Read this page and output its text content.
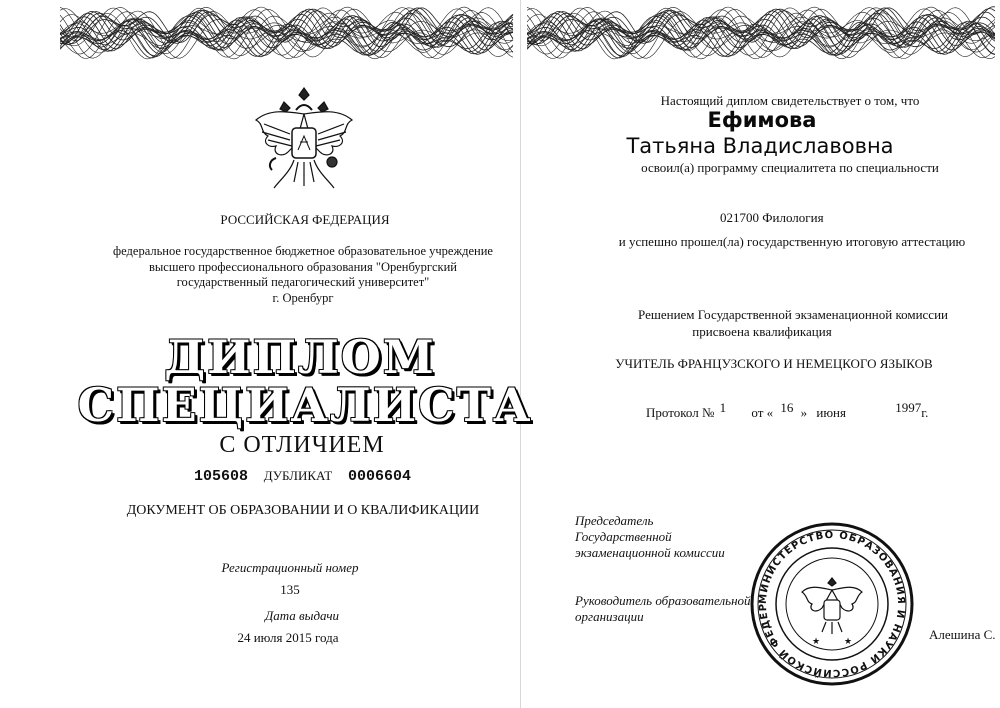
РОССИЙСКАЯ ФЕДЕРАЦИЯ
федеральное государственное бюджетное образовательное учреждение
высшего профессионального образования "Оренбургский
государственный педагогический университет"
г. Оренбург
ДИПЛОМ
СПЕЦИАЛИСТА
С ОТЛИЧИЕМ
105608 ДУБЛИКАТ 0006604
ДОКУМЕНТ ОБ ОБРАЗОВАНИИ И О КВАЛИФИКАЦИИ
Регистрационный номер
135
Дата выдачи
24 июля 2015 года
Настоящий диплом свидетельствует о том, что
Ефимова
Татьяна Владиславовна
освоил(а) программу специалитета по специальности
021700 Филология
и успешно прошел(ла) государственную итоговую аттестацию
Решением Государственной экзаменационной комиссии
присвоена квалификация
УЧИТЕЛЬ ФРАНЦУЗСКОГО И НЕМЕЦКОГО ЯЗЫКОВ
Протокол № 1 от « 16 » июня	1997г.
Председатель
Государственной
экзаменационной комиссии
Руководитель образовательной
организации
МИНИСТЕРСТВО ОБРАЗОВАНИЯ И НАУКИ РОССИЙСКОЙ ФЕДЕР
★	★	Алешина С.
